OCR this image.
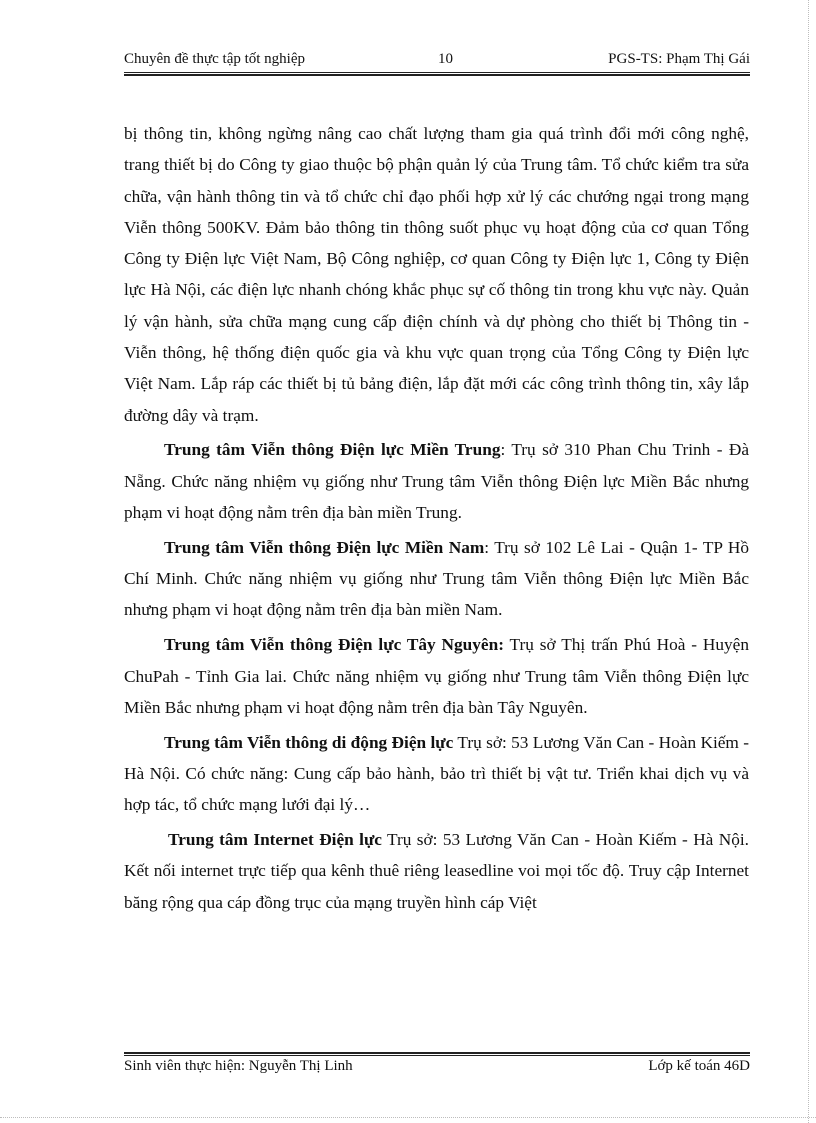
Chuyên đề thực tập tốt nghiệp	10	PGS-TS: Phạm Thị Gái

bị thông tin, không ngừng nâng cao chất lượng tham gia quá trình đổi mới công nghệ, trang thiết bị do Công ty giao thuộc bộ phận quản lý của Trung tâm. Tổ chức kiểm tra sửa chữa, vận hành thông tin và tổ chức chỉ đạo phối hợp xử lý các chướng ngại trong mạng Viễn thông 500KV. Đảm bảo thông tin thông suốt phục vụ hoạt động của cơ quan Tổng Công ty Điện lực Việt Nam, Bộ Công nghiệp, cơ quan Công ty Điện lực 1, Công ty Điện lực Hà Nội, các điện lực nhanh chóng khắc phục sự cố thông tin trong khu vực này. Quản lý vận hành, sửa chữa mạng cung cấp điện chính và dự phòng cho thiết bị Thông tin - Viễn thông, hệ thống điện quốc gia và khu vực quan trọng của Tổng Công ty Điện lực Việt Nam. Lắp ráp các thiết bị tủ bảng điện, lắp đặt mới các công trình thông tin, xây lắp đường dây và trạm.

Trung tâm Viễn thông Điện lực Miền Trung: Trụ sở 310 Phan Chu Trinh - Đà Nẵng. Chức năng nhiệm vụ giống như Trung tâm Viễn thông Điện lực Miền Bắc nhưng phạm vi hoạt động nằm trên địa bàn miền Trung.

Trung tâm Viễn thông Điện lực Miền Nam: Trụ sở 102 Lê Lai - Quận 1- TP Hồ Chí Minh. Chức năng nhiệm vụ giống như Trung tâm Viễn thông Điện lực Miền Bắc nhưng phạm vi hoạt động nằm trên địa bàn miền Nam.

Trung tâm Viễn thông Điện lực Tây Nguyên: Trụ sở Thị trấn Phú Hoà - Huyện ChuPah - Tỉnh Gia lai. Chức năng nhiệm vụ giống như Trung tâm Viễn thông Điện lực Miền Bắc nhưng phạm vi hoạt động nằm trên địa bàn Tây Nguyên.

Trung tâm Viễn thông di động Điện lực Trụ sở: 53 Lương Văn Can - Hoàn Kiếm - Hà Nội. Có chức năng: Cung cấp bảo hành, bảo trì thiết bị vật tư. Triển khai dịch vụ và hợp tác, tổ chức mạng lưới đại lý…

Trung tâm Internet Điện lực Trụ sở: 53 Lương Văn Can - Hoàn Kiếm - Hà Nội. Kết nối internet trực tiếp qua kênh thuê riêng leasedline voi mọi tốc độ. Truy cập Internet băng rộng qua cáp đồng trục của mạng truyền hình cáp Việt

Sinh viên thực hiện: Nguyễn Thị Linh	Lớp kế toán 46D
